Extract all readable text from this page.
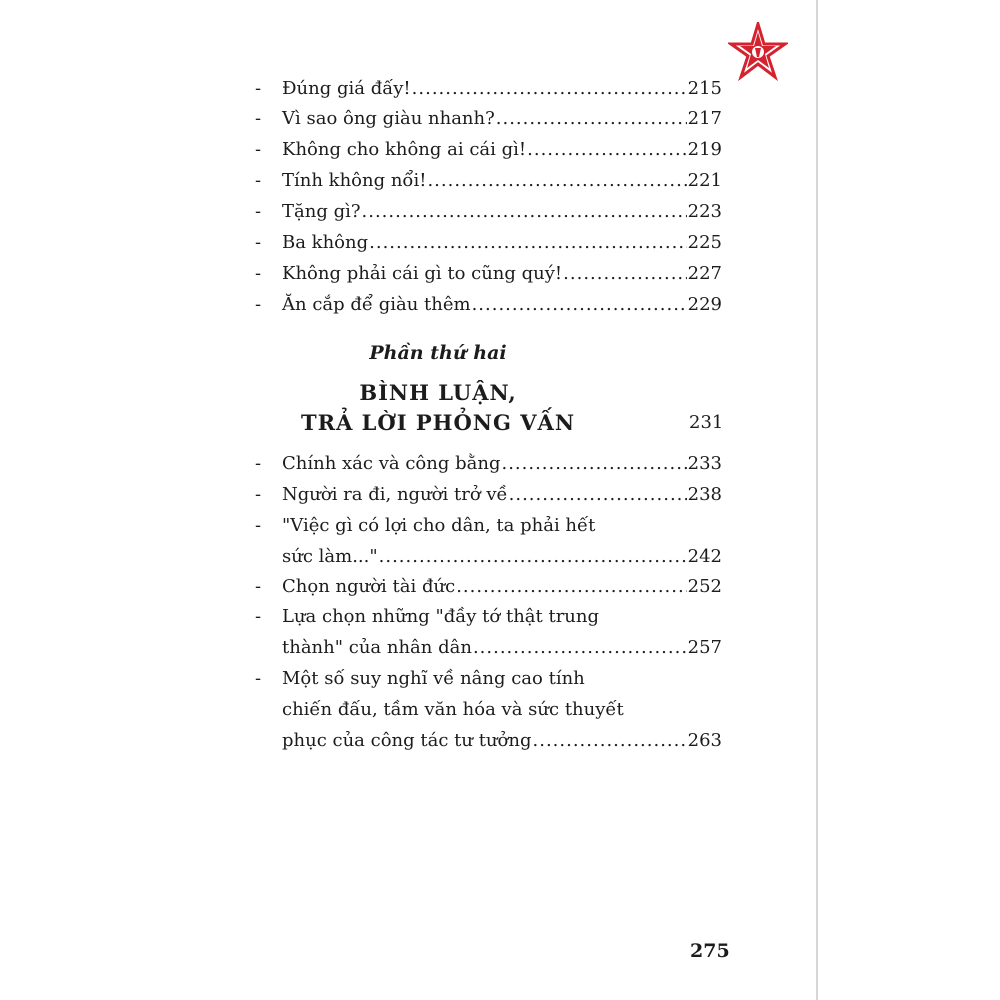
- Đúng giá đấy! .....	215
- Vì sao ông giàu nhanh? .....	217
- Không cho không ai cái gì! .....	219
- Tính không nổi! .....	221
- Tặng gì? .....	223
- Ba không .....	225
- Không phải cái gì to cũng quý! .....	227
- Ăn cắp để giàu thêm .....	229
Phần thứ hai
BÌNH LUẬN,
TRẢ LỜI PHỎNG VẤN	231
- Chính xác và công bằng .....	233
- Người ra đi, người trở về .....	238
- "Việc gì có lợi cho dân, ta phải hết
sức làm..." .....	242
- Chọn người tài đức .....	252
- Lựa chọn những "đầy tớ thật trung
thành" của nhân dân .....	257
- Một số suy nghĩ về nâng cao tính
chiến đấu, tầm văn hóa và sức thuyết
phục của công tác tư tưởng .....	263
275
